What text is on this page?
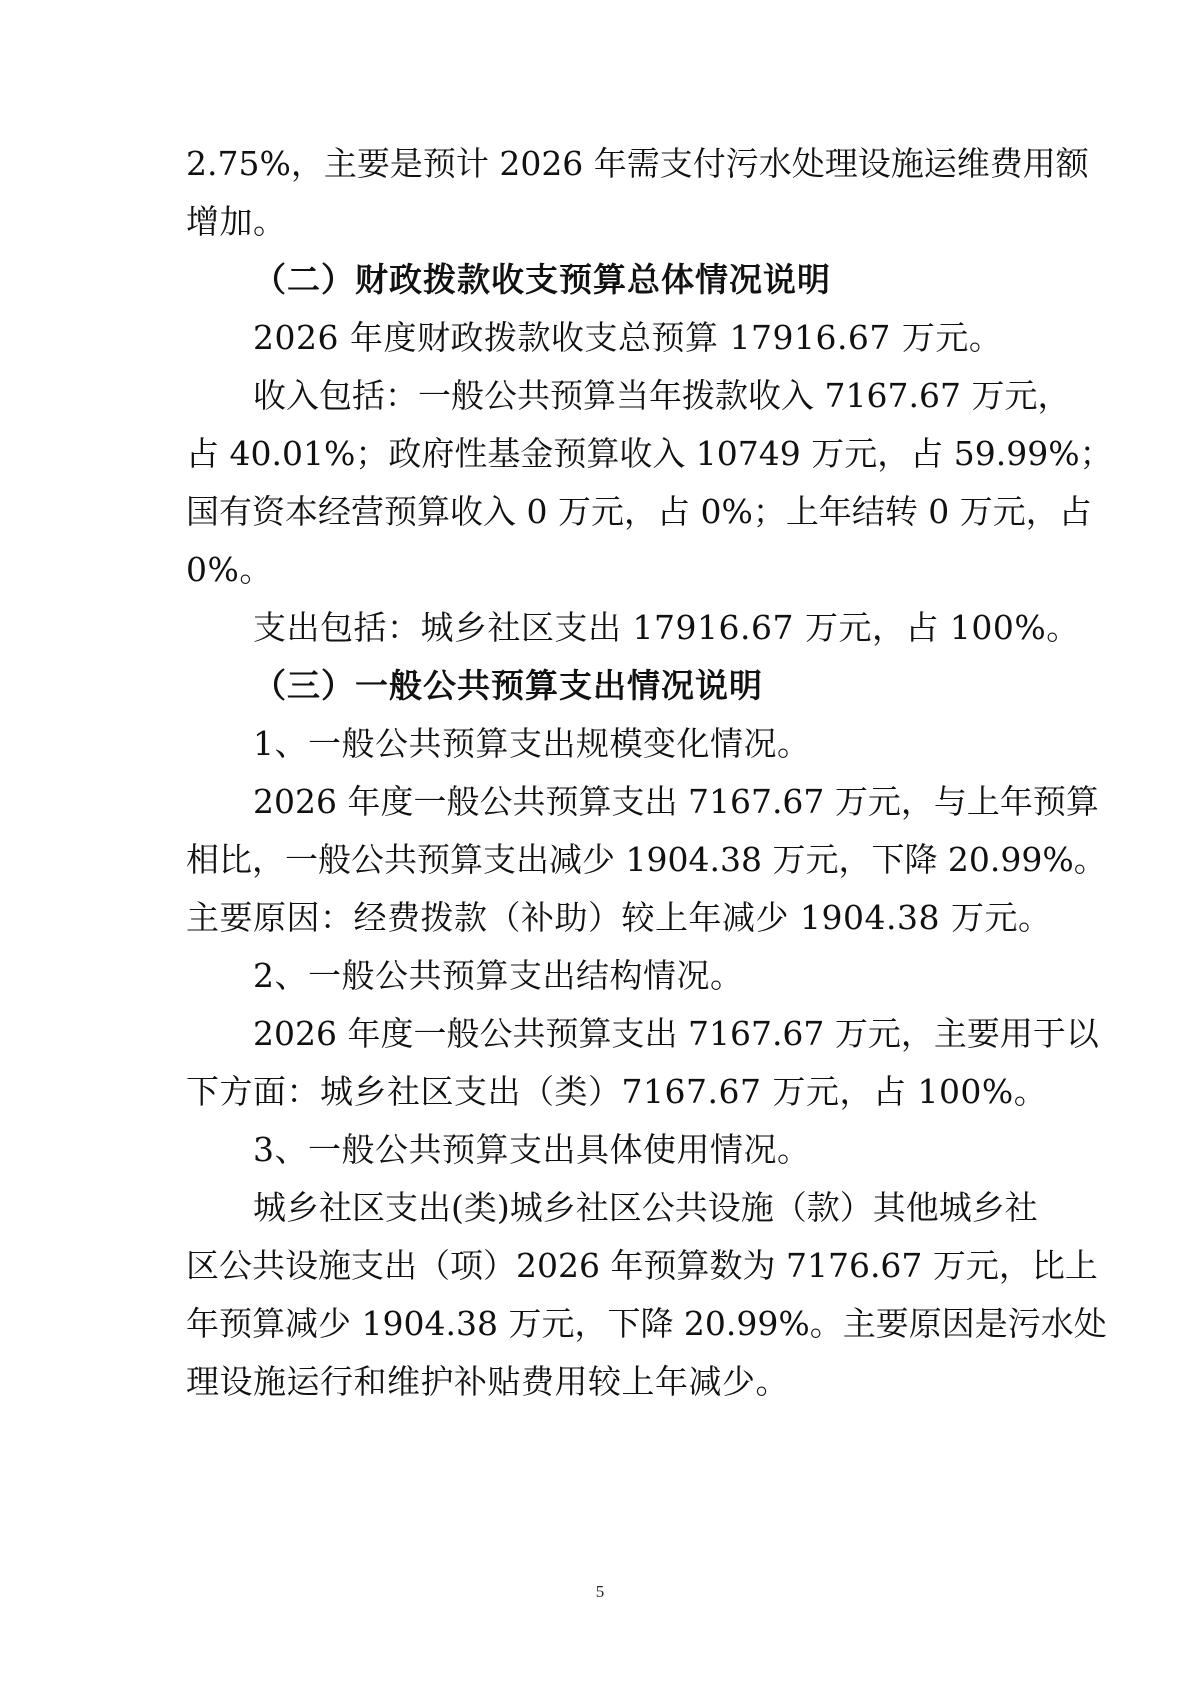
2.75%，主要是预计 2026 年需支付污水处理设施运维费用额
增加。
（二）财政拨款收支预算总体情况说明
2026 年度财政拨款收支总预算 17916.67 万元。
收入包括：一般公共预算当年拨款收入 7167.67 万元，
占 40.01%；政府性基金预算收入 10749 万元，占 59.99%；
国有资本经营预算收入 0 万元，占 0%；上年结转 0 万元，占
0%。
支出包括：城乡社区支出 17916.67 万元，占 100%。
（三）一般公共预算支出情况说明
1、一般公共预算支出规模变化情况。
2026 年度一般公共预算支出 7167.67 万元，与上年预算
相比，一般公共预算支出减少 1904.38 万元，下降 20.99%。
主要原因：经费拨款（补助）较上年减少 1904.38 万元。
2、一般公共预算支出结构情况。
2026 年度一般公共预算支出 7167.67 万元，主要用于以
下方面：城乡社区支出（类）7167.67 万元，占 100%。
3、一般公共预算支出具体使用情况。
城乡社区支出(类)城乡社区公共设施（款）其他城乡社
区公共设施支出（项）2026 年预算数为 7176.67 万元，比上
年预算减少 1904.38 万元，下降 20.99%。主要原因是污水处
理设施运行和维护补贴费用较上年减少。
5
